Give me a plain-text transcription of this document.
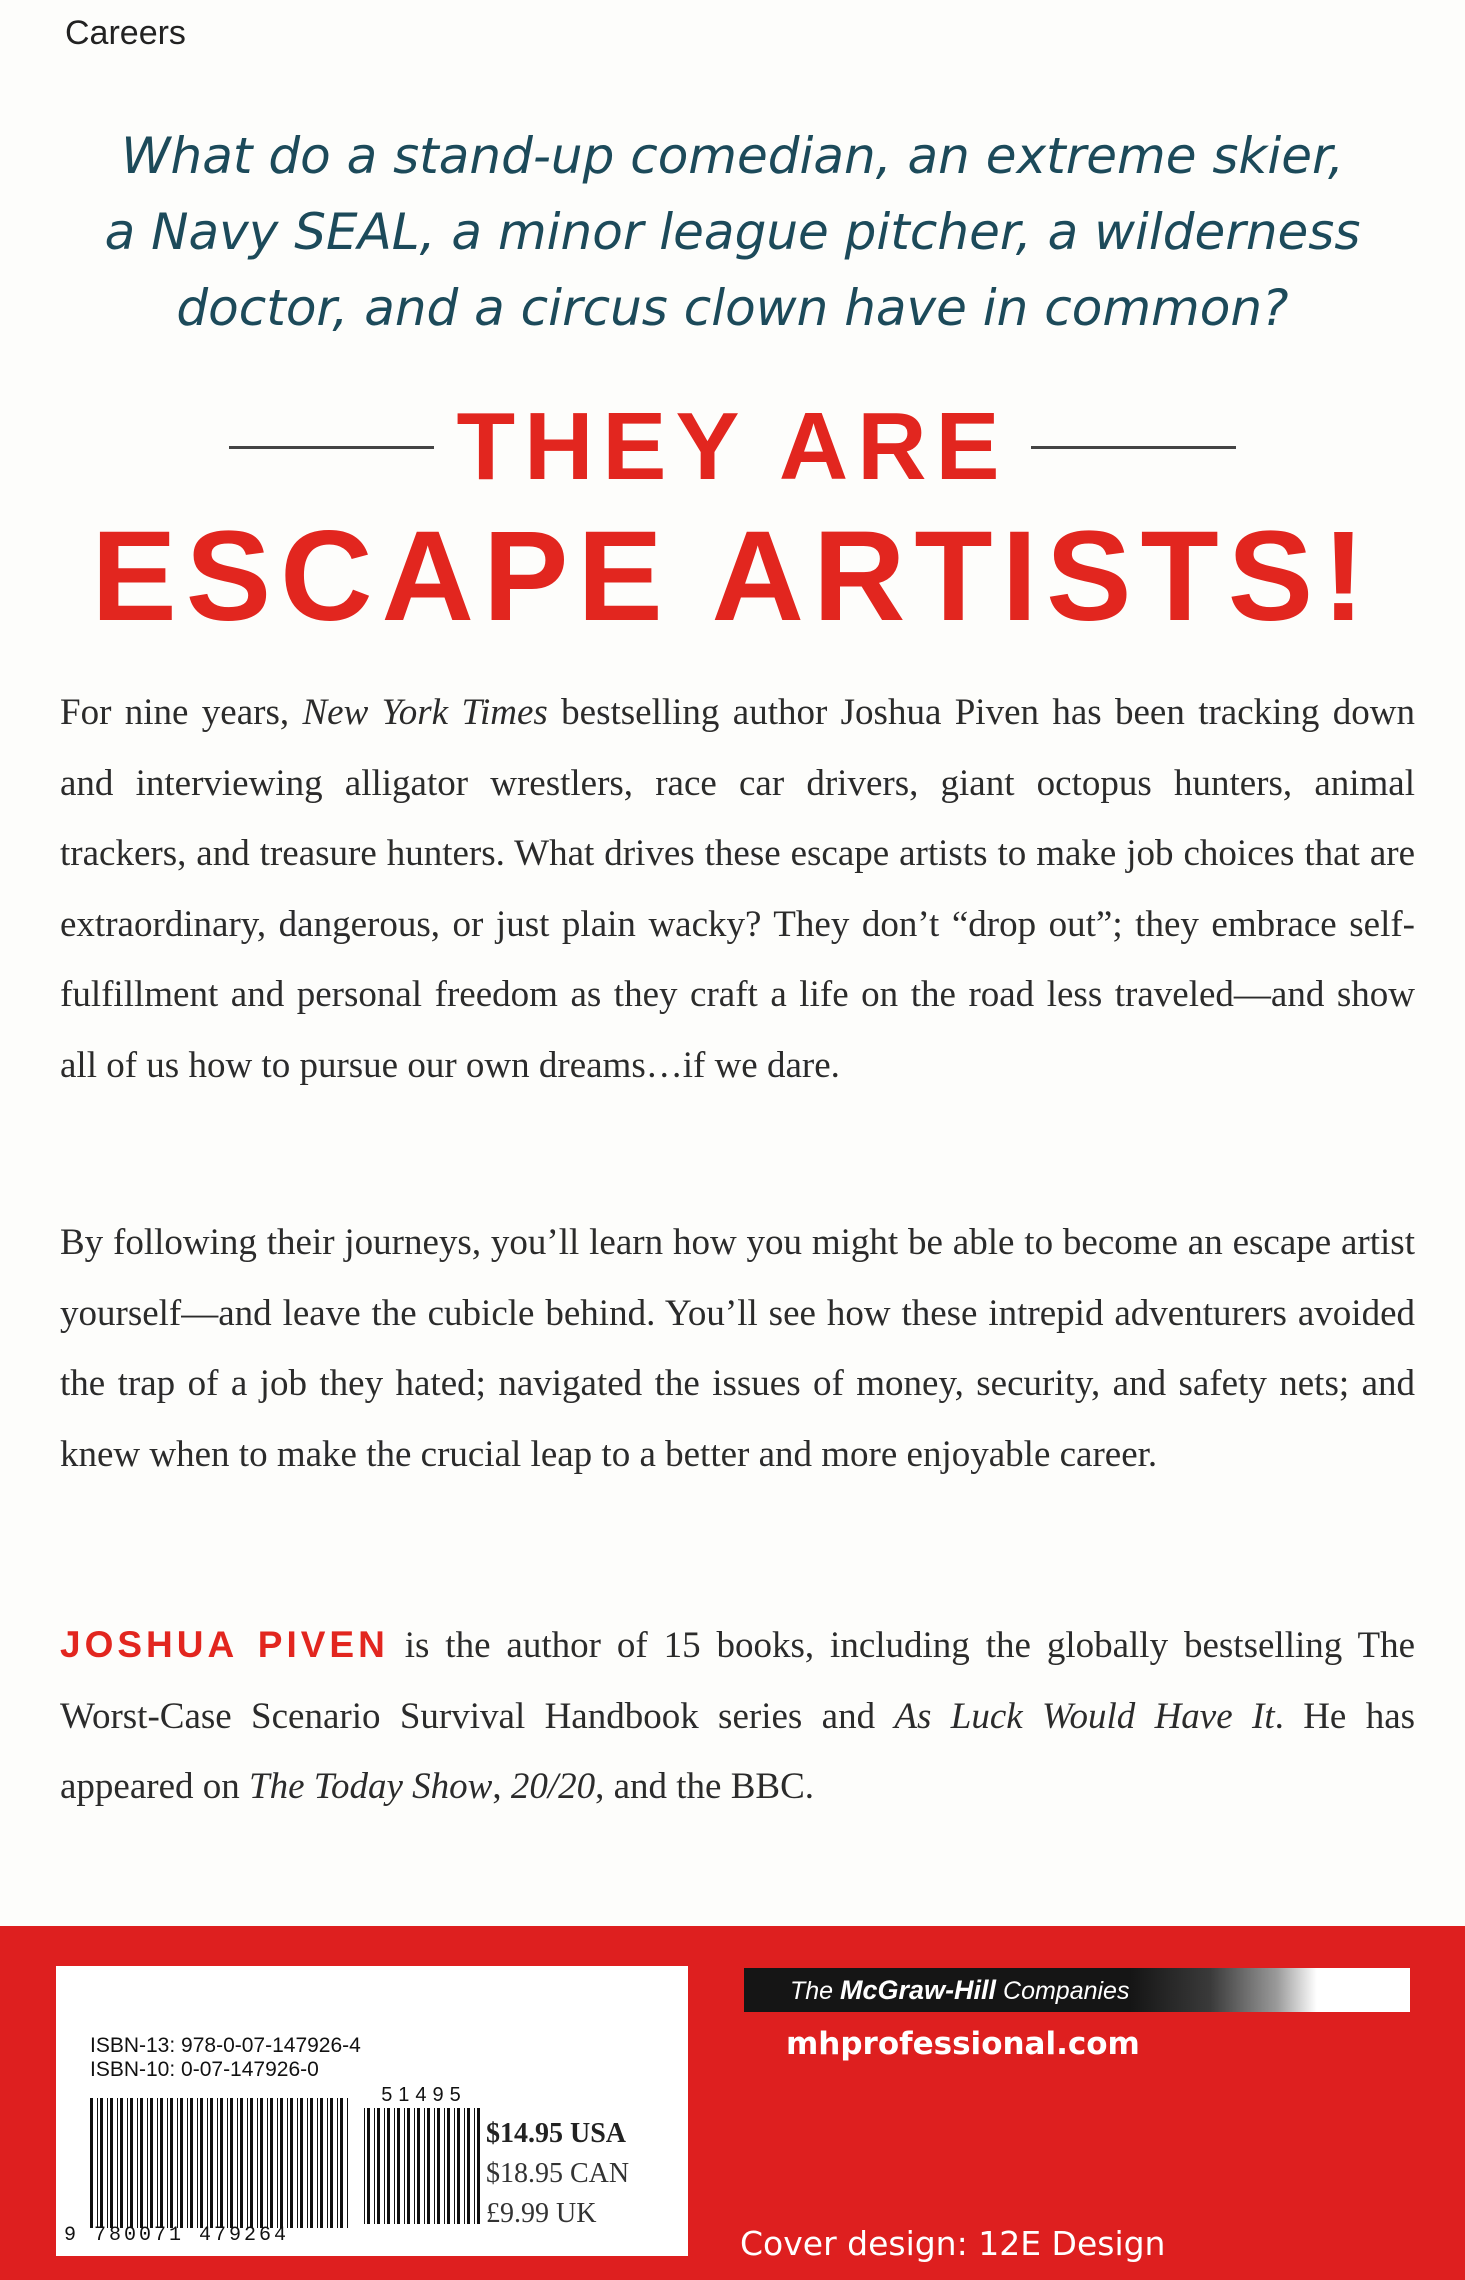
Careers
What do a stand-up comedian, an extreme skier,
a Navy SEAL, a minor league pitcher, a wilderness
doctor, and a circus clown have in common?
THEY ARE
ESCAPE ARTISTS!

For nine years, New York Times bestselling author Joshua Piven has been tracking down and interviewing alligator wrestlers, race car drivers, giant octopus hunters, animal trackers, and treasure hunters. What drives these escape artists to make job choices that are extraordinary, dangerous, or just plain wacky? They don’t “drop out”; they embrace self-fulfillment and personal freedom as they craft a life on the road less traveled—and show all of us how to pursue our own dreams…if we dare.

By following their journeys, you’ll learn how you might be able to become an escape artist yourself—and leave the cubicle behind. You’ll see how these intrepid adventurers avoided the trap of a job they hated; navigated the issues of money, security, and safety nets; and knew when to make the crucial leap to a better and more enjoyable career.

JOSHUA PIVEN is the author of 15 books, including the globally bestselling The Worst-Case Scenario Survival Handbook series and As Luck Would Have It. He has appeared on The Today Show, 20/20, and the BBC.

ISBN-13: 978-0-07-147926-4
ISBN-10: 0-07-147926-0
51495
9 780071 479264
$14.95 USA
$18.95 CAN
£9.99 UK
The McGraw-Hill Companies
mhprofessional.com
Cover design: 12E Design
